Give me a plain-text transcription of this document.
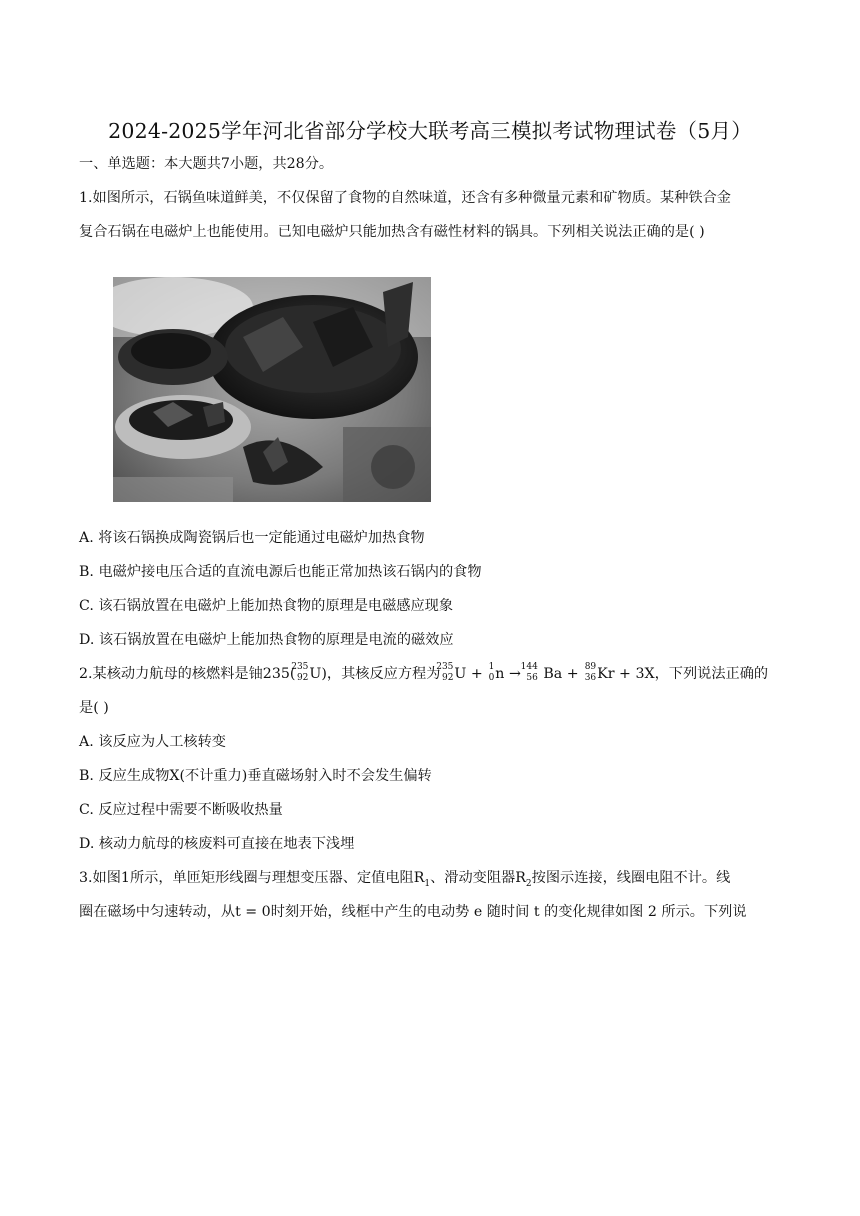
2024-2025学年河北省部分学校大联考高三模拟考试物理试卷（5月）
一、单选题：本大题共7小题，共28分。
1.如图所示，石锅鱼味道鲜美，不仅保留了食物的自然味道，还含有多种微量元素和矿物质。某种铁合金
复合石锅在电磁炉上也能使用。已知电磁炉只能加热含有磁性材料的锅具。下列相关说法正确的是( )
A. 将该石锅换成陶瓷锅后也一定能通过电磁炉加热食物
B. 电磁炉接电压合适的直流电源后也能正常加热该石锅内的食物
C. 该石锅放置在电磁炉上能加热食物的原理是电磁感应现象
D. 该石锅放置在电磁炉上能加热食物的原理是电流的磁效应
2.某核动力航母的核燃料是铀235(
235
92 U)，其核反应方程为
235
92 U + 1
0 n → 144
56 Ba + 89
36 Kr + 3X，下列说法正确的
是( )
A. 该反应为人工核转变
B. 反应生成物X(不计重力)垂直磁场射入时不会发生偏转
C. 反应过程中需要不断吸收热量
D. 核动力航母的核废料可直接在地表下浅埋
3.如图1所示，单匝矩形线圈与理想变压器、定值电阻$R_1$、滑动变阻器$R_2$按图示连接，线圈电阻不计。线
圈在磁场中匀速转动，从t = 0时刻开始，线框中产生的电动势 e 随时间 t 的变化规律如图 2 所示。下列说
